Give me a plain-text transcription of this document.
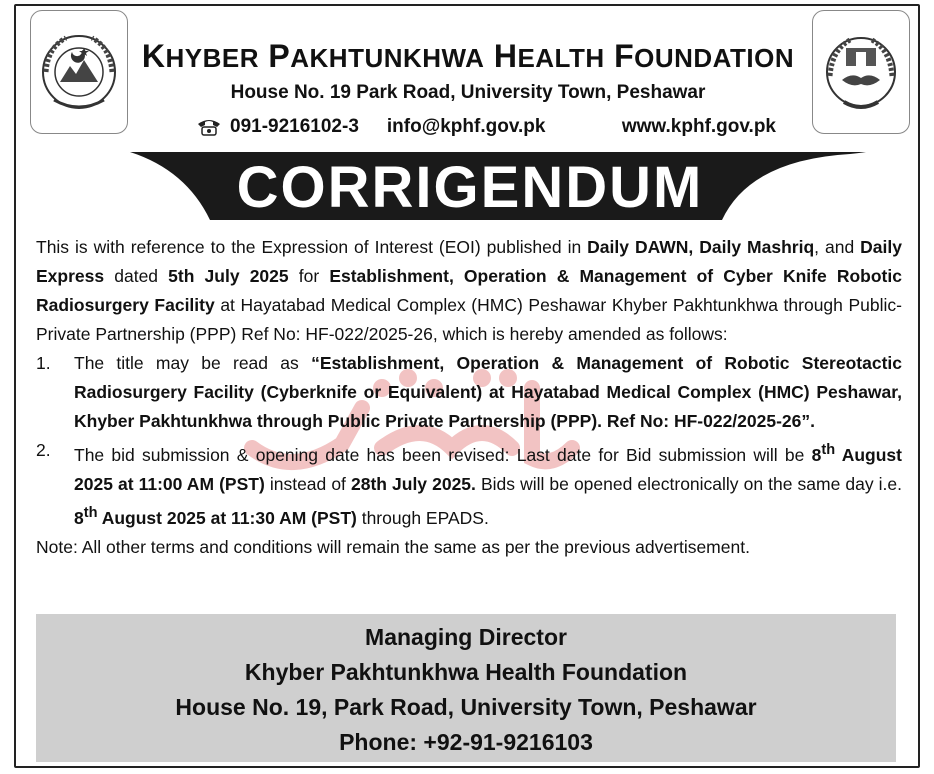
KHYBER PAKHTUNKHWA HEALTH FOUNDATION
House No. 19 Park Road, University Town, Peshawar
091-9216102-3 info@kphf.gov.pk	www.kphf.gov.pk
CORRIGENDUM

This is with reference to the Expression of Interest (EOI) published in Daily DAWN, Daily Mashriq, and Daily Express dated 5th July 2025 for Establishment, Operation & Management of Cyber Knife Robotic Radiosurgery Facility at Hayatabad Medical Complex (HMC) Peshawar Khyber Pakhtunkhwa through Public-Private Partnership (PPP) Ref No: HF-022/2025-26, which is hereby amended as follows:

1.	The title may be read as “Establishment, Operation & Management of Robotic Stereotactic Radiosurgery Facility (Cyberknife or Equivalent) at Hayatabad Medical Complex (HMC) Peshawar, Khyber Pakhtunkhwa through Public Private Partnership (PPP). Ref No: HF-022/2025-26”.
2.	The bid submission & opening date has been revised: Last date for Bid submission will be 8th August 2025 at 11:00 AM (PST) instead of 28th July 2025. Bids will be opened electronically on the same day i.e. 8th August 2025 at 11:30 AM (PST) through EPADS.

Note: All other terms and conditions will remain the same as per the previous advertisement.

Managing Director
Khyber Pakhtunkhwa Health Foundation
House No. 19, Park Road, University Town, Peshawar
Phone: +92-91-9216103
